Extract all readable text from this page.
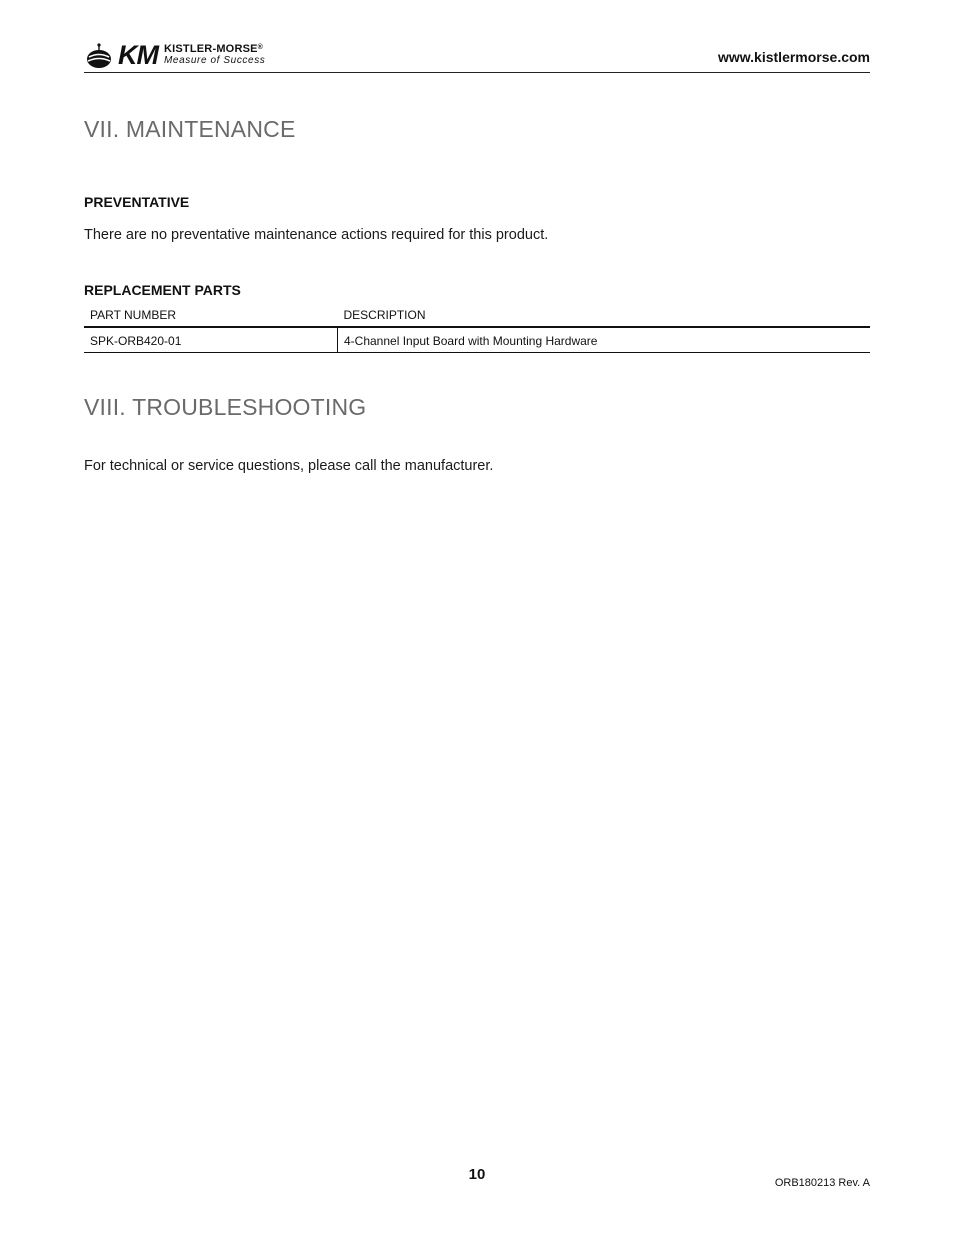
KM KISTLER-MORSE®
Measure of Success	www.kistlermorse.com
VII. MAINTENANCE
PREVENTATIVE

There are no preventative maintenance actions required for this product.

REPLACEMENT PARTS
PART NUMBER	DESCRIPTION
SPK-ORB420-01	4-Channel Input Board with Mounting Hardware
VIII. TROUBLESHOOTING

For technical or service questions, please call the manufacturer.

10	ORB180213 Rev. A
